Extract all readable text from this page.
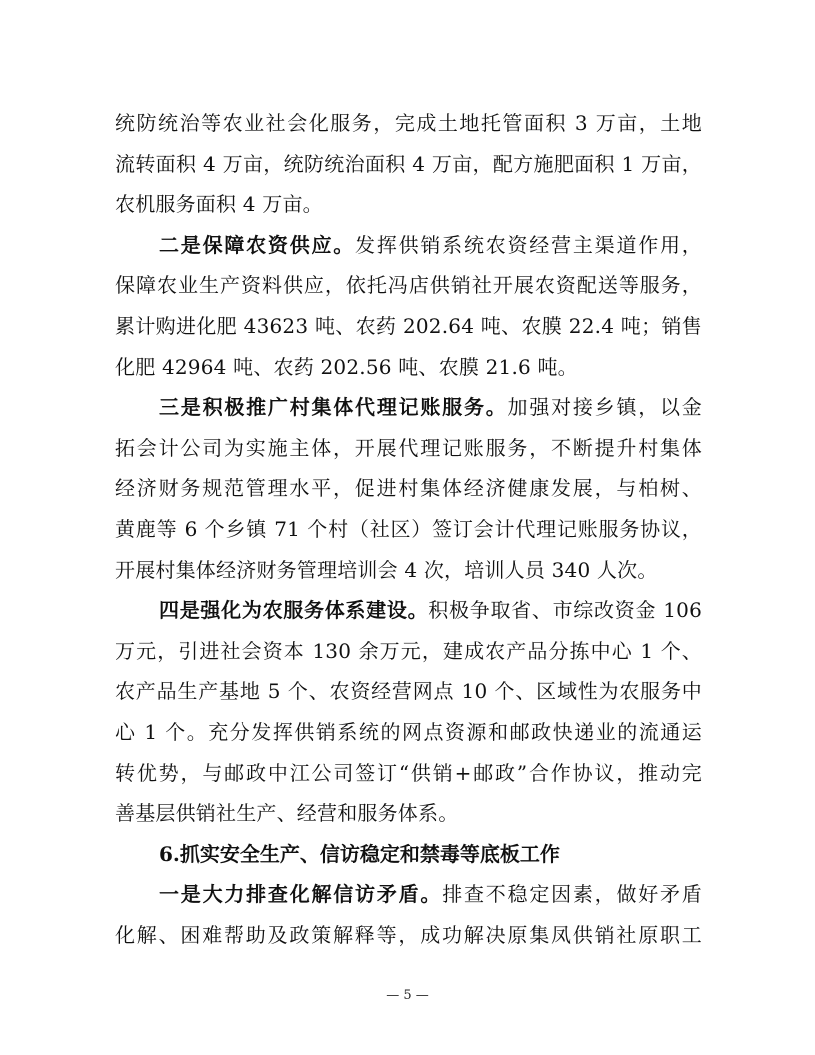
统防统治等农业社会化服务，完成土地托管面积 3 万亩，土地
流转面积 4 万亩，统防统治面积 4 万亩，配方施肥面积 1 万亩，
农机服务面积 4 万亩。
二是保障农资供应。发挥供销系统农资经营主渠道作用，
保障农业生产资料供应，依托冯店供销社开展农资配送等服务，
累计购进化肥 43623 吨、农药 202.64 吨、农膜 22.4 吨；销售
化肥 42964 吨、农药 202.56 吨、农膜 21.6 吨。
三是积极推广村集体代理记账服务。加强对接乡镇，以金
拓会计公司为实施主体，开展代理记账服务，不断提升村集体
经济财务规范管理水平，促进村集体经济健康发展，与柏树、
黄鹿等 6 个乡镇 71 个村（社区）签订会计代理记账服务协议，
开展村集体经济财务管理培训会 4 次，培训人员 340 人次。
四是强化为农服务体系建设。积极争取省、市综改资金 106
万元，引进社会资本 130 余万元，建成农产品分拣中心 1 个、
农产品生产基地 5 个、农资经营网点 10 个、区域性为农服务中
心 1 个。充分发挥供销系统的网点资源和邮政快递业的流通运
转优势，与邮政中江公司签订“供销+邮政”合作协议，推动完
善基层供销社生产、经营和服务体系。
6.抓实安全生产、信访稳定和禁毒等底板工作
一是大力排查化解信访矛盾。排查不稳定因素，做好矛盾
化解、困难帮助及政策解释等，成功解决原集凤供销社原职工
— 5 —
